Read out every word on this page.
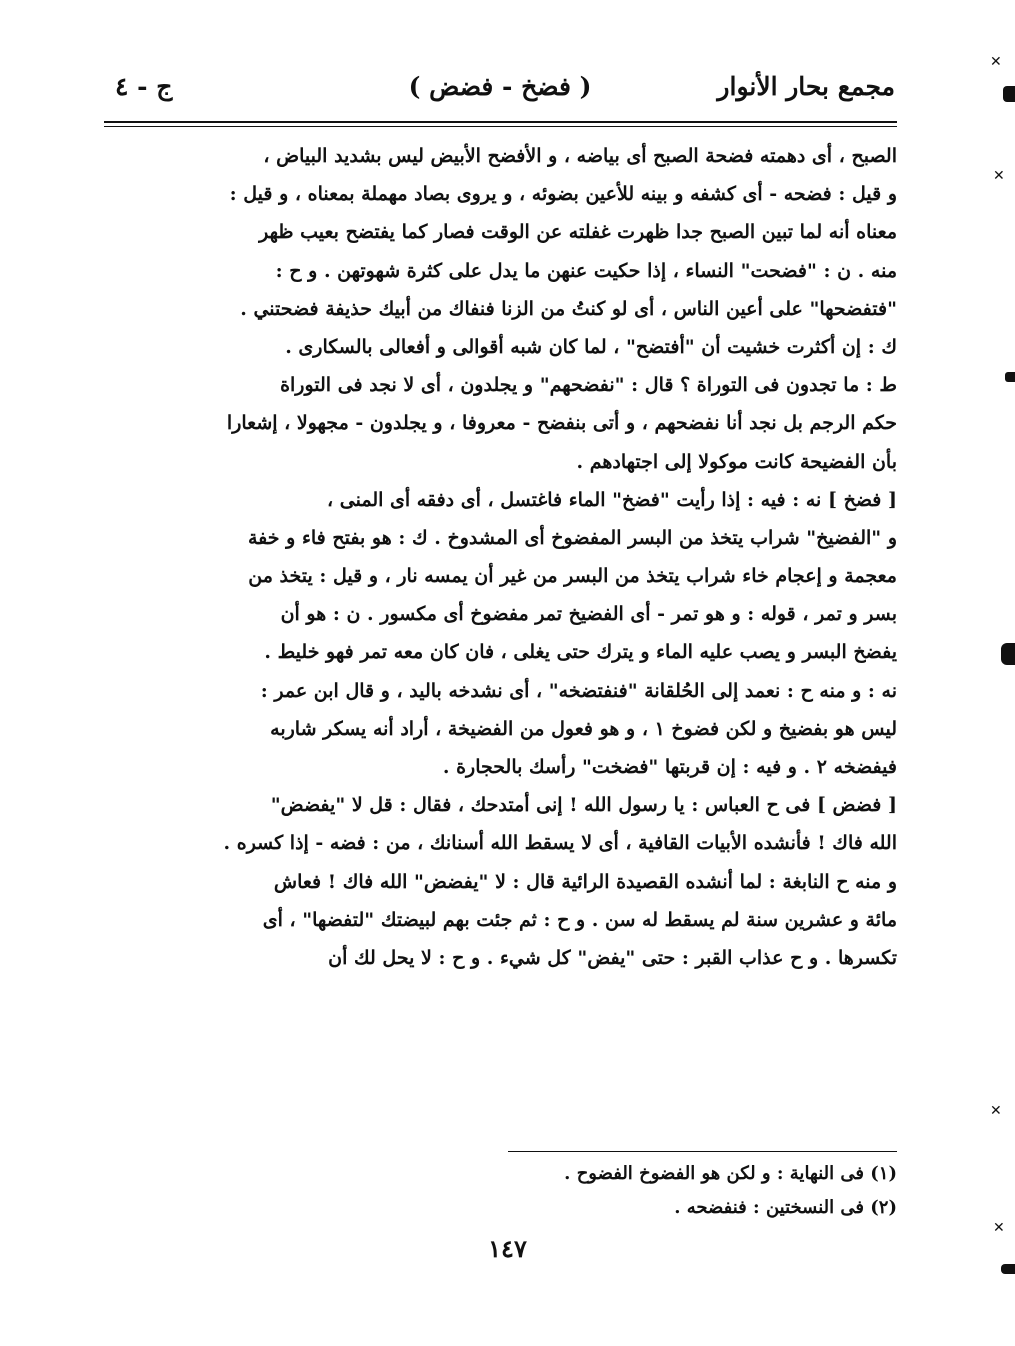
مجمع بحار الأنوار
( فضخ - فضض )
ج - ٤
الصبح ، أى دهمته فضحة الصبح أى بياضه ، و الأفضح الأبيض ليس بشديد البياض ،
و قيل : فضحه - أى كشفه و بينه للأعين بضوئه ، و يروى بصاد مهملة بمعناه ، و قيل :
معناه أنه لما تبين الصبح جدا ظهرت غفلته عن الوقت فصار كما يفتضح بعيب ظهر
منه . ن : "فضحت" النساء ، إذا حكيت عنهن ما يدل على كثرة شهوتهن . و ح :
"فتفضحها" على أعين الناس ، أى لو كنتُ من الزنا فنفاك من أبيك حذيفة فضحتني .
ك : إن أكثرت خشيت أن "أفتضح" ، لما كان شبه أقوالى و أفعالى بالسكارى .
ط : ما تجدون فى التوراة ؟ قال : "نفضحهم" و يجلدون ، أى لا نجد فى التوراة
حكم الرجم بل نجد أنا نفضحهم ، و أتى بنفضح - معروفا ، و يجلدون - مجهولا ، إشعارا
بأن الفضيحة كانت موكولا إلى اجتهادهم .
[ فضخ ] نه : فيه : إذا رأيت "فضخ" الماء فاغتسل ، أى دفقه أى المنى ،
و "الفضيخ" شراب يتخذ من البسر المفضوخ أى المشدوخ . ك : هو بفتح فاء و خفة
معجمة و إعجام خاء شراب يتخذ من البسر من غير أن يمسه نار ، و قيل : يتخذ من
بسر و تمر ، قوله : و هو تمر - أى الفضيخ تمر مفضوخ أى مكسور . ن : هو أن
يفضخ البسر و يصب عليه الماء و يترك حتى يغلى ، فان كان معه تمر فهو خليط .
نه : و منه ح : نعمد إلى الحُلقانة "فنفتضخه" ، أى نشدخه باليد ، و قال ابن عمر :
ليس هو بفضيخ و لكن فضوخ ١ ، و هو فعول من الفضيخة ، أراد أنه يسكر شاربه
فيفضخه ٢ . و فيه : إن قربتها "فضخت" رأسك بالحجارة .
[ فضض ] فى ح العباس : يا رسول الله ! إنى أمتدحك ، فقال : قل لا "يفضض"
الله فاك ! فأنشده الأبيات القافية ، أى لا يسقط الله أسنانك ، من : فضه - إذا كسره .
و منه ح النابغة : لما أنشده القصيدة الرائية قال : لا "يفضض" الله فاك ! فعاش
مائة و عشرين سنة لم يسقط له سن . و ح : ثم جئت بهم لبيضتك "لتفضها" ، أى
تكسرها . و ح عذاب القبر : حتى "يفض" كل شيء . و ح : لا يحل لك أن
(١) فى النهاية : و لكن هو الفضوخ الفضوح .
(٢) فى النسختين : فنفضحه .
١٤٧
✕
✕
✕
✕
